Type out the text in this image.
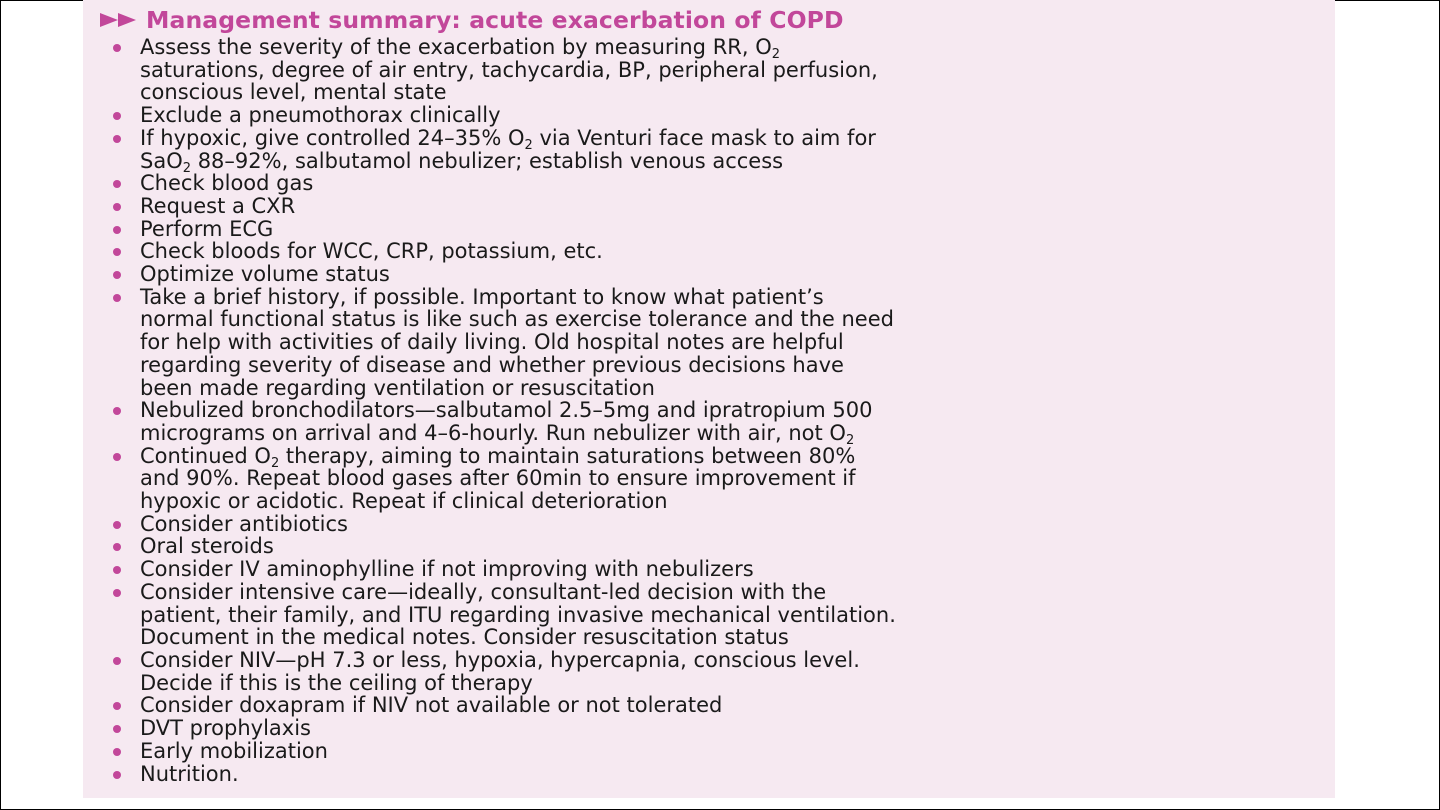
Management summary: acute exacerbation of COPD
Assess the severity of the exacerbation by measuring RR, $O_2$
saturations, degree of air entry, tachycardia, BP, peripheral perfusion,
conscious level, mental state
Exclude a pneumothorax clinically
If hypoxic, give controlled 24–35% $O_2$ via Venturi face mask to aim for
SaO$_2$ 88–92%, salbutamol nebulizer; establish venous access
Check blood gas
Request a CXR
Perform ECG
Check bloods for WCC, CRP, potassium, etc.
Optimize volume status
Take a brief history, if possible. Important to know what patient’s
normal functional status is like such as exercise tolerance and the need
for help with activities of daily living. Old hospital notes are helpful
regarding severity of disease and whether previous decisions have
been made regarding ventilation or resuscitation
Nebulized bronchodilators—salbutamol 2.5–5mg and ipratropium 500
micrograms on arrival and 4–6-hourly. Run nebulizer with air, not $O_2$
Continued $O_2$ therapy, aiming to maintain saturations between 80%
and 90%. Repeat blood gases after 60min to ensure improvement if
hypoxic or acidotic. Repeat if clinical deterioration
Consider antibiotics
Oral steroids
Consider IV aminophylline if not improving with nebulizers
Consider intensive care—ideally, consultant-led decision with the
patient, their family, and ITU regarding invasive mechanical ventilation.
Document in the medical notes. Consider resuscitation status
Consider NIV—pH 7.3 or less, hypoxia, hypercapnia, conscious level.
Decide if this is the ceiling of therapy
Consider doxapram if NIV not available or not tolerated
DVT prophylaxis
Early mobilization
Nutrition.
